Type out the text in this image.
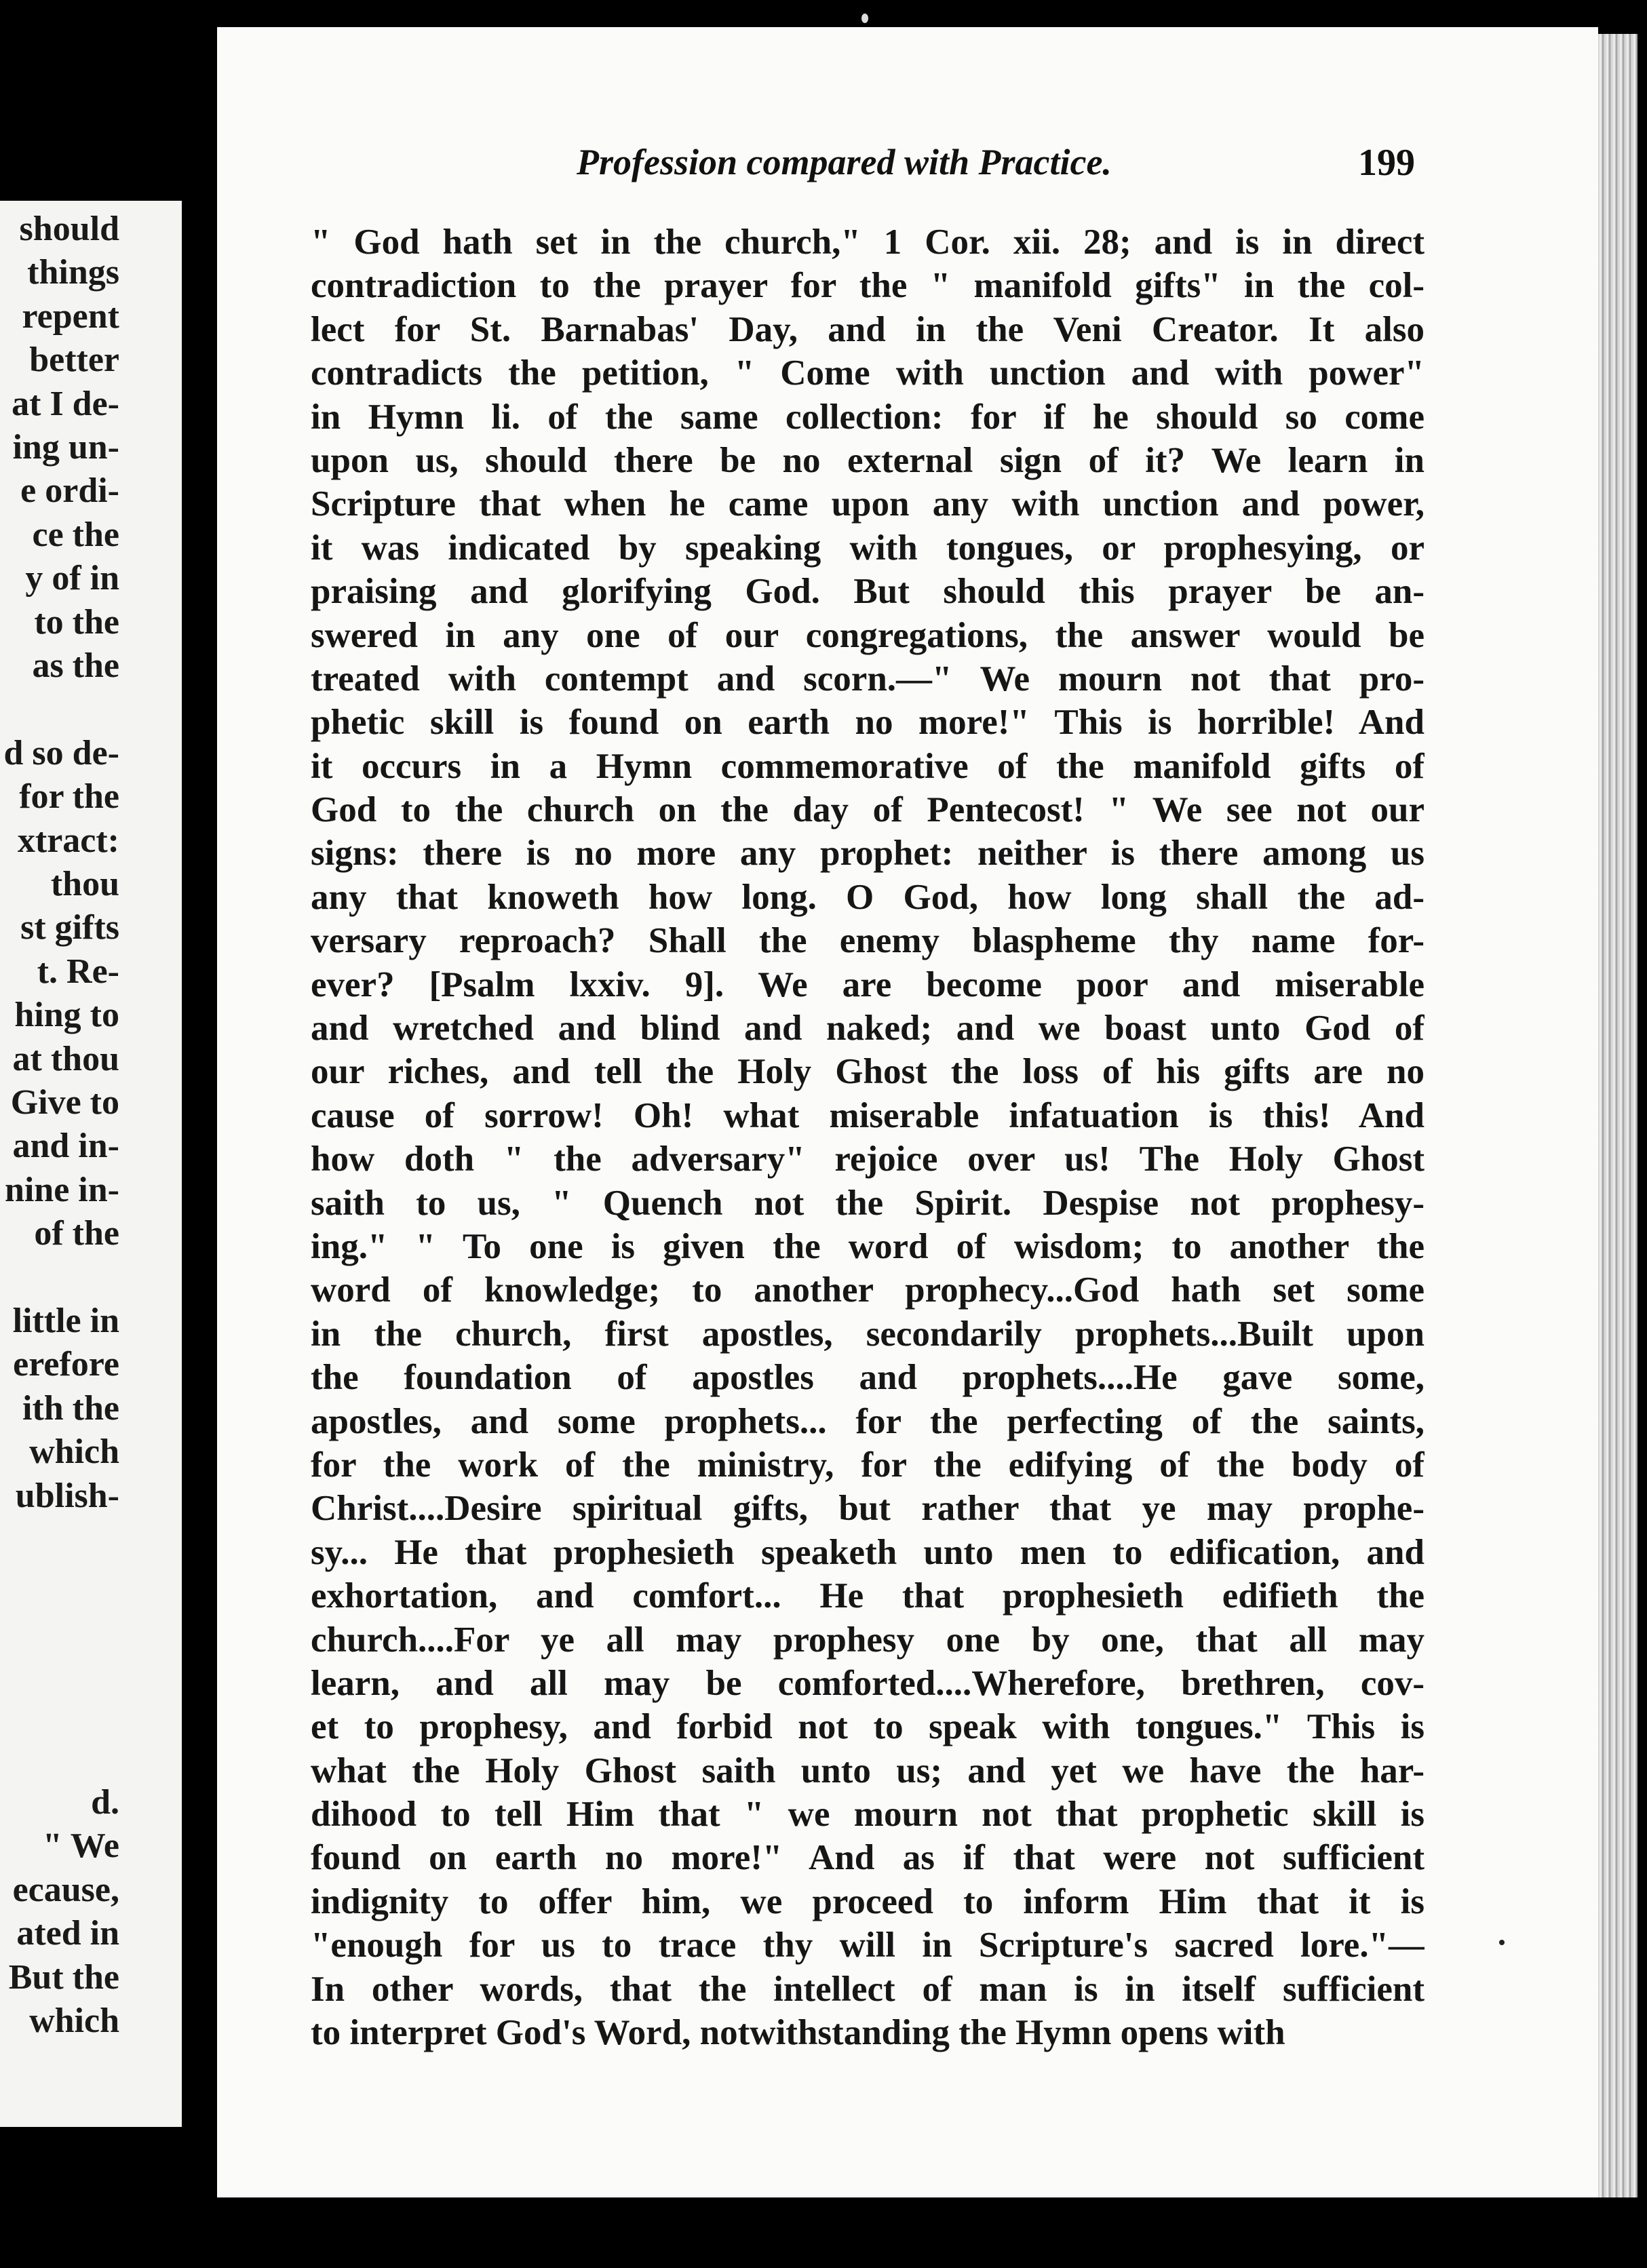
should
things
repent
better
at I de-
ing un-
e ordi-
ce the
y of in
to the
as the
d so de-
for the
xtract:
thou
st gifts
t. Re-
hing to
at thou
Give to
and in-
nine in-
of the
little in
erefore
ith the
which
ublish-
d.
" We
ecause,
ated in
But the
which
Profession compared with Practice.	199
" God hath set in the church," 1 Cor. xii. 28; and is in direct
contradiction to the prayer for the " manifold gifts" in the col-
lect for St. Barnabas' Day, and in the Veni Creator. It also
contradicts the petition, " Come with unction and with power"
in Hymn li. of the same collection: for if he should so come
upon us, should there be no external sign of it? We learn in
Scripture that when he came upon any with unction and power,
it was indicated by speaking with tongues, or prophesying, or
praising and glorifying God. But should this prayer be an-
swered in any one of our congregations, the answer would be
treated with contempt and scorn.—" We mourn not that pro-
phetic skill is found on earth no more!" This is horrible! And
it occurs in a Hymn commemorative of the manifold gifts of
God to the church on the day of Pentecost! " We see not our
signs: there is no more any prophet: neither is there among us
any that knoweth how long. O God, how long shall the ad-
versary reproach? Shall the enemy blaspheme thy name for-
ever? [Psalm lxxiv. 9]. We are become poor and miserable
and wretched and blind and naked; and we boast unto God of
our riches, and tell the Holy Ghost the loss of his gifts are no
cause of sorrow! Oh! what miserable infatuation is this! And
how doth " the adversary" rejoice over us! The Holy Ghost
saith to us, " Quench not the Spirit. Despise not prophesy-
ing." " To one is given the word of wisdom; to another the
word of knowledge; to another prophecy...God hath set some
in the church, first apostles, secondarily prophets...Built upon
the foundation of apostles and prophets....He gave some,
apostles, and some prophets... for the perfecting of the saints,
for the work of the ministry, for the edifying of the body of
Christ....Desire spiritual gifts, but rather that ye may prophe-
sy... He that prophesieth speaketh unto men to edification, and
exhortation, and comfort... He that prophesieth edifieth the
church....For ye all may prophesy one by one, that all may
learn, and all may be comforted....Wherefore, brethren, cov-
et to prophesy, and forbid not to speak with tongues." This is
what the Holy Ghost saith unto us; and yet we have the har-
dihood to tell Him that " we mourn not that prophetic skill is
found on earth no more!" And as if that were not sufficient
indignity to offer him, we proceed to inform Him that it is
"enough for us to trace thy will in Scripture's sacred lore."—
In other words, that the intellect of man is in itself sufficient
to interpret God's Word, notwithstanding the Hymn opens with
